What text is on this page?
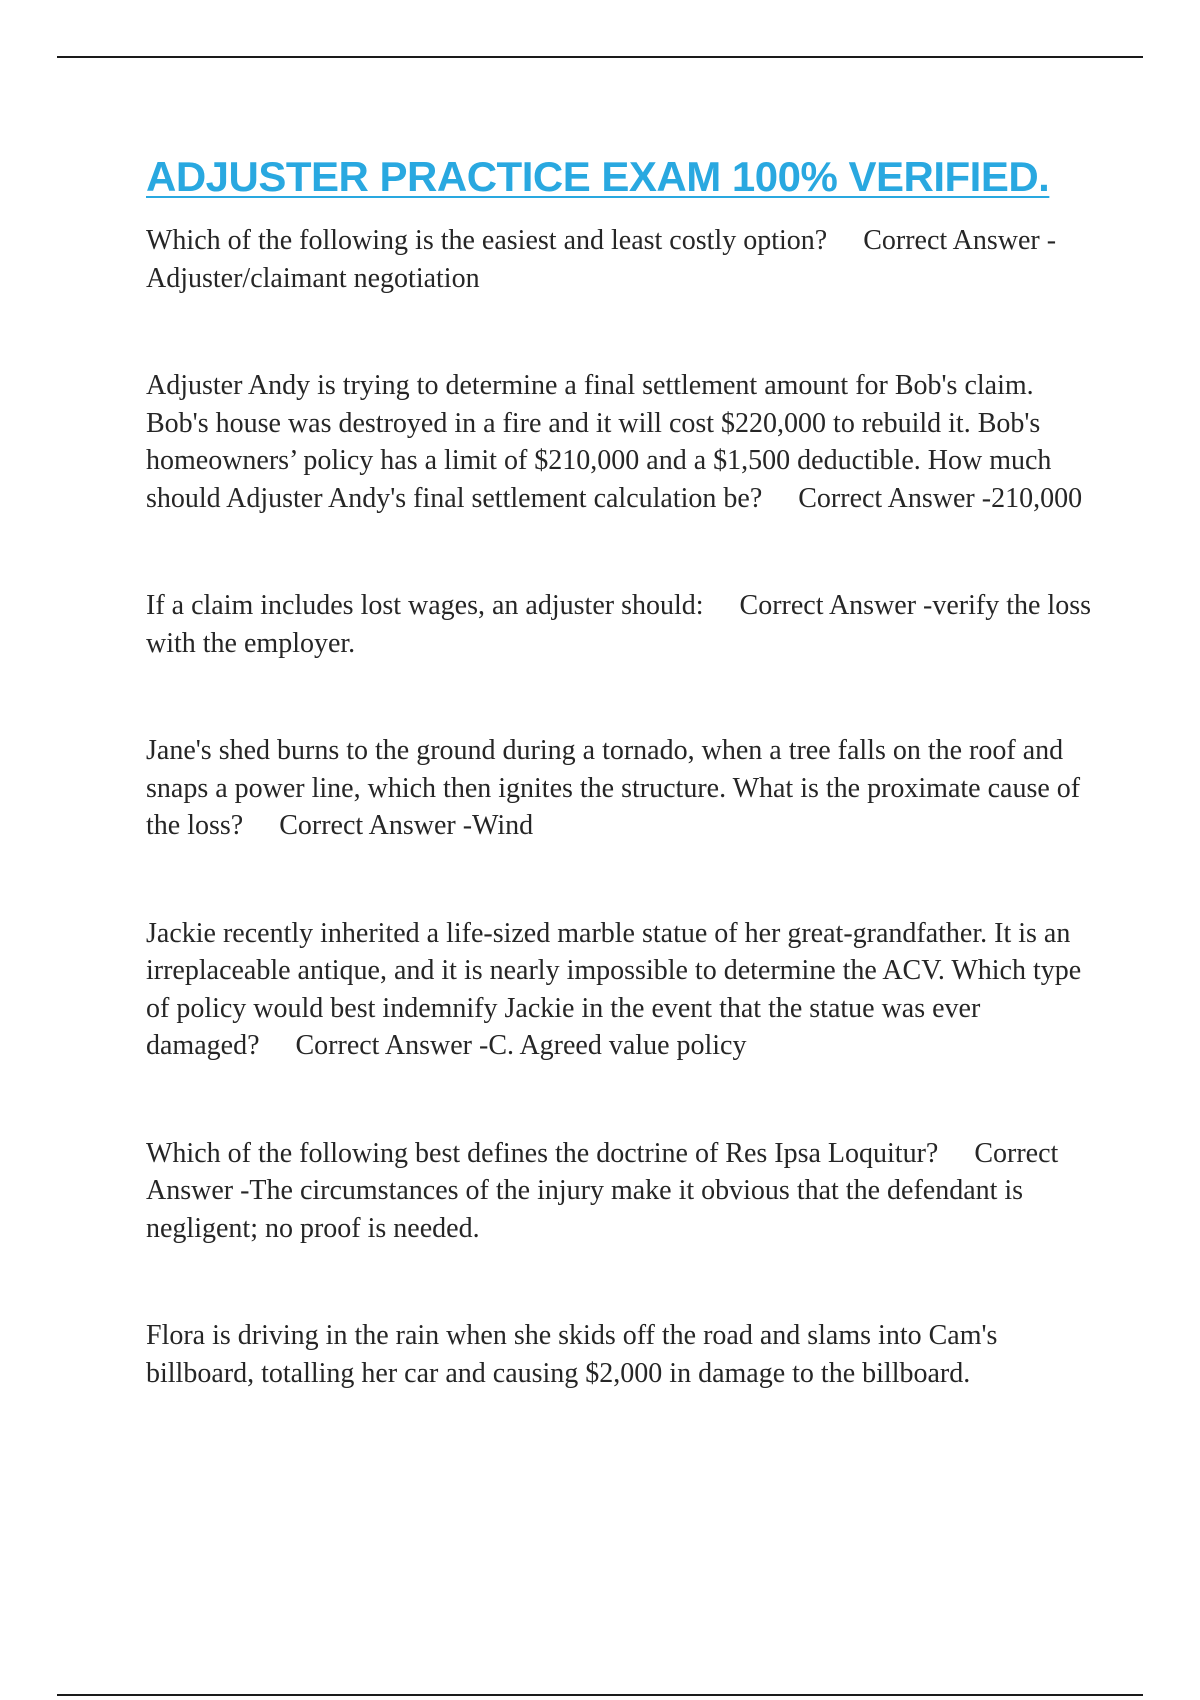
ADJUSTER PRACTICE EXAM 100% VERIFIED.

Which of the following is the easiest and least costly option? Correct Answer -Adjuster/claimant negotiation

Adjuster Andy is trying to determine a final settlement amount for Bob's claim. Bob's house was destroyed in a fire and it will cost $220,000 to rebuild it. Bob's homeowners’ policy has a limit of $210,000 and a $1,500 deductible. How much should Adjuster Andy's final settlement calculation be? Correct Answer -210,000

If a claim includes lost wages, an adjuster should: Correct Answer -verify the loss with the employer.

Jane's shed burns to the ground during a tornado, when a tree falls on the roof and snaps a power line, which then ignites the structure. What is the proximate cause of the loss? Correct Answer -Wind

Jackie recently inherited a life-sized marble statue of her great-grandfather. It is an irreplaceable antique, and it is nearly impossible to determine the ACV. Which type of policy would best indemnify Jackie in the event that the statue was ever damaged? Correct Answer -C. Agreed value policy

Which of the following best defines the doctrine of Res Ipsa Loquitur? Correct Answer -The circumstances of the injury make it obvious that the defendant is negligent; no proof is needed.

Flora is driving in the rain when she skids off the road and slams into Cam's billboard, totalling her car and causing $2,000 in damage to the billboard.
